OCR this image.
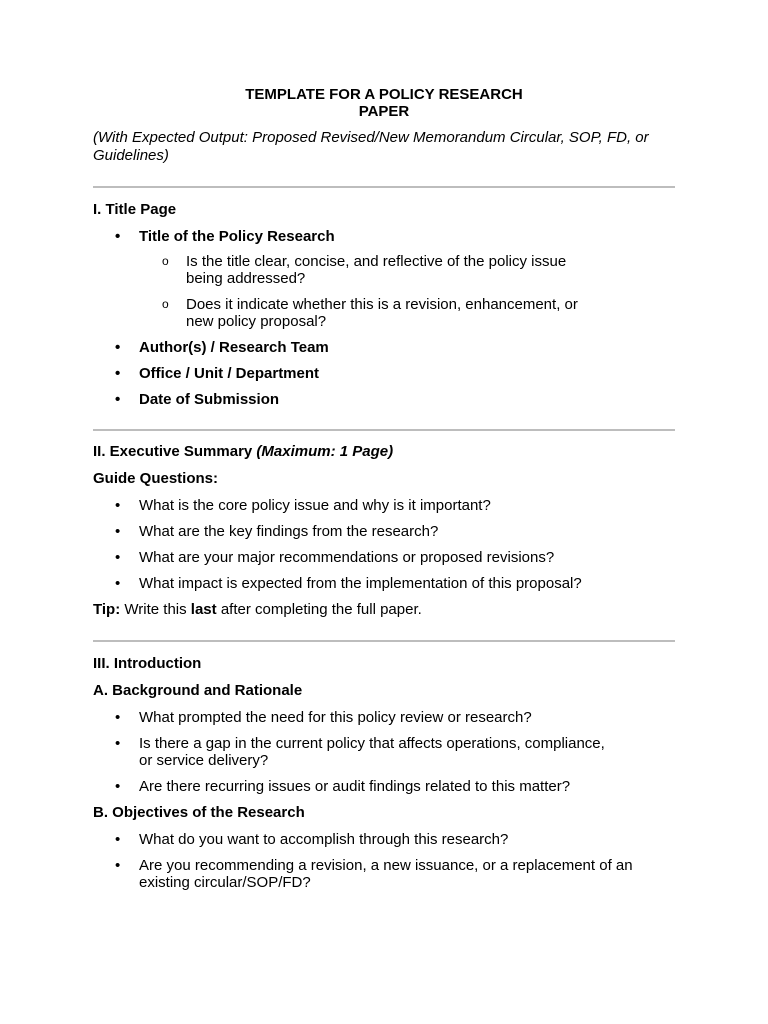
TEMPLATE FOR A POLICY RESEARCH
PAPER
(With Expected Output: Proposed Revised/New Memorandum Circular, SOP, FD, or Guidelines)
I. Title Page
• Title of the Policy Research
o Is the title clear, concise, and reflective of the policy issue being addressed?
o Does it indicate whether this is a revision, enhancement, or new policy proposal?
• Author(s) / Research Team
• Office / Unit / Department
• Date of Submission
II. Executive Summary (Maximum: 1 Page)
Guide Questions:
• What is the core policy issue and why is it important?
• What are the key findings from the research?
• What are your major recommendations or proposed revisions?
• What impact is expected from the implementation of this proposal?
Tip: Write this last after completing the full paper.
III. Introduction
A. Background and Rationale
• What prompted the need for this policy review or research?
• Is there a gap in the current policy that affects operations, compliance, or service delivery?
• Are there recurring issues or audit findings related to this matter?
B. Objectives of the Research
• What do you want to accomplish through this research?
• Are you recommending a revision, a new issuance, or a replacement of an existing circular/SOP/FD?
